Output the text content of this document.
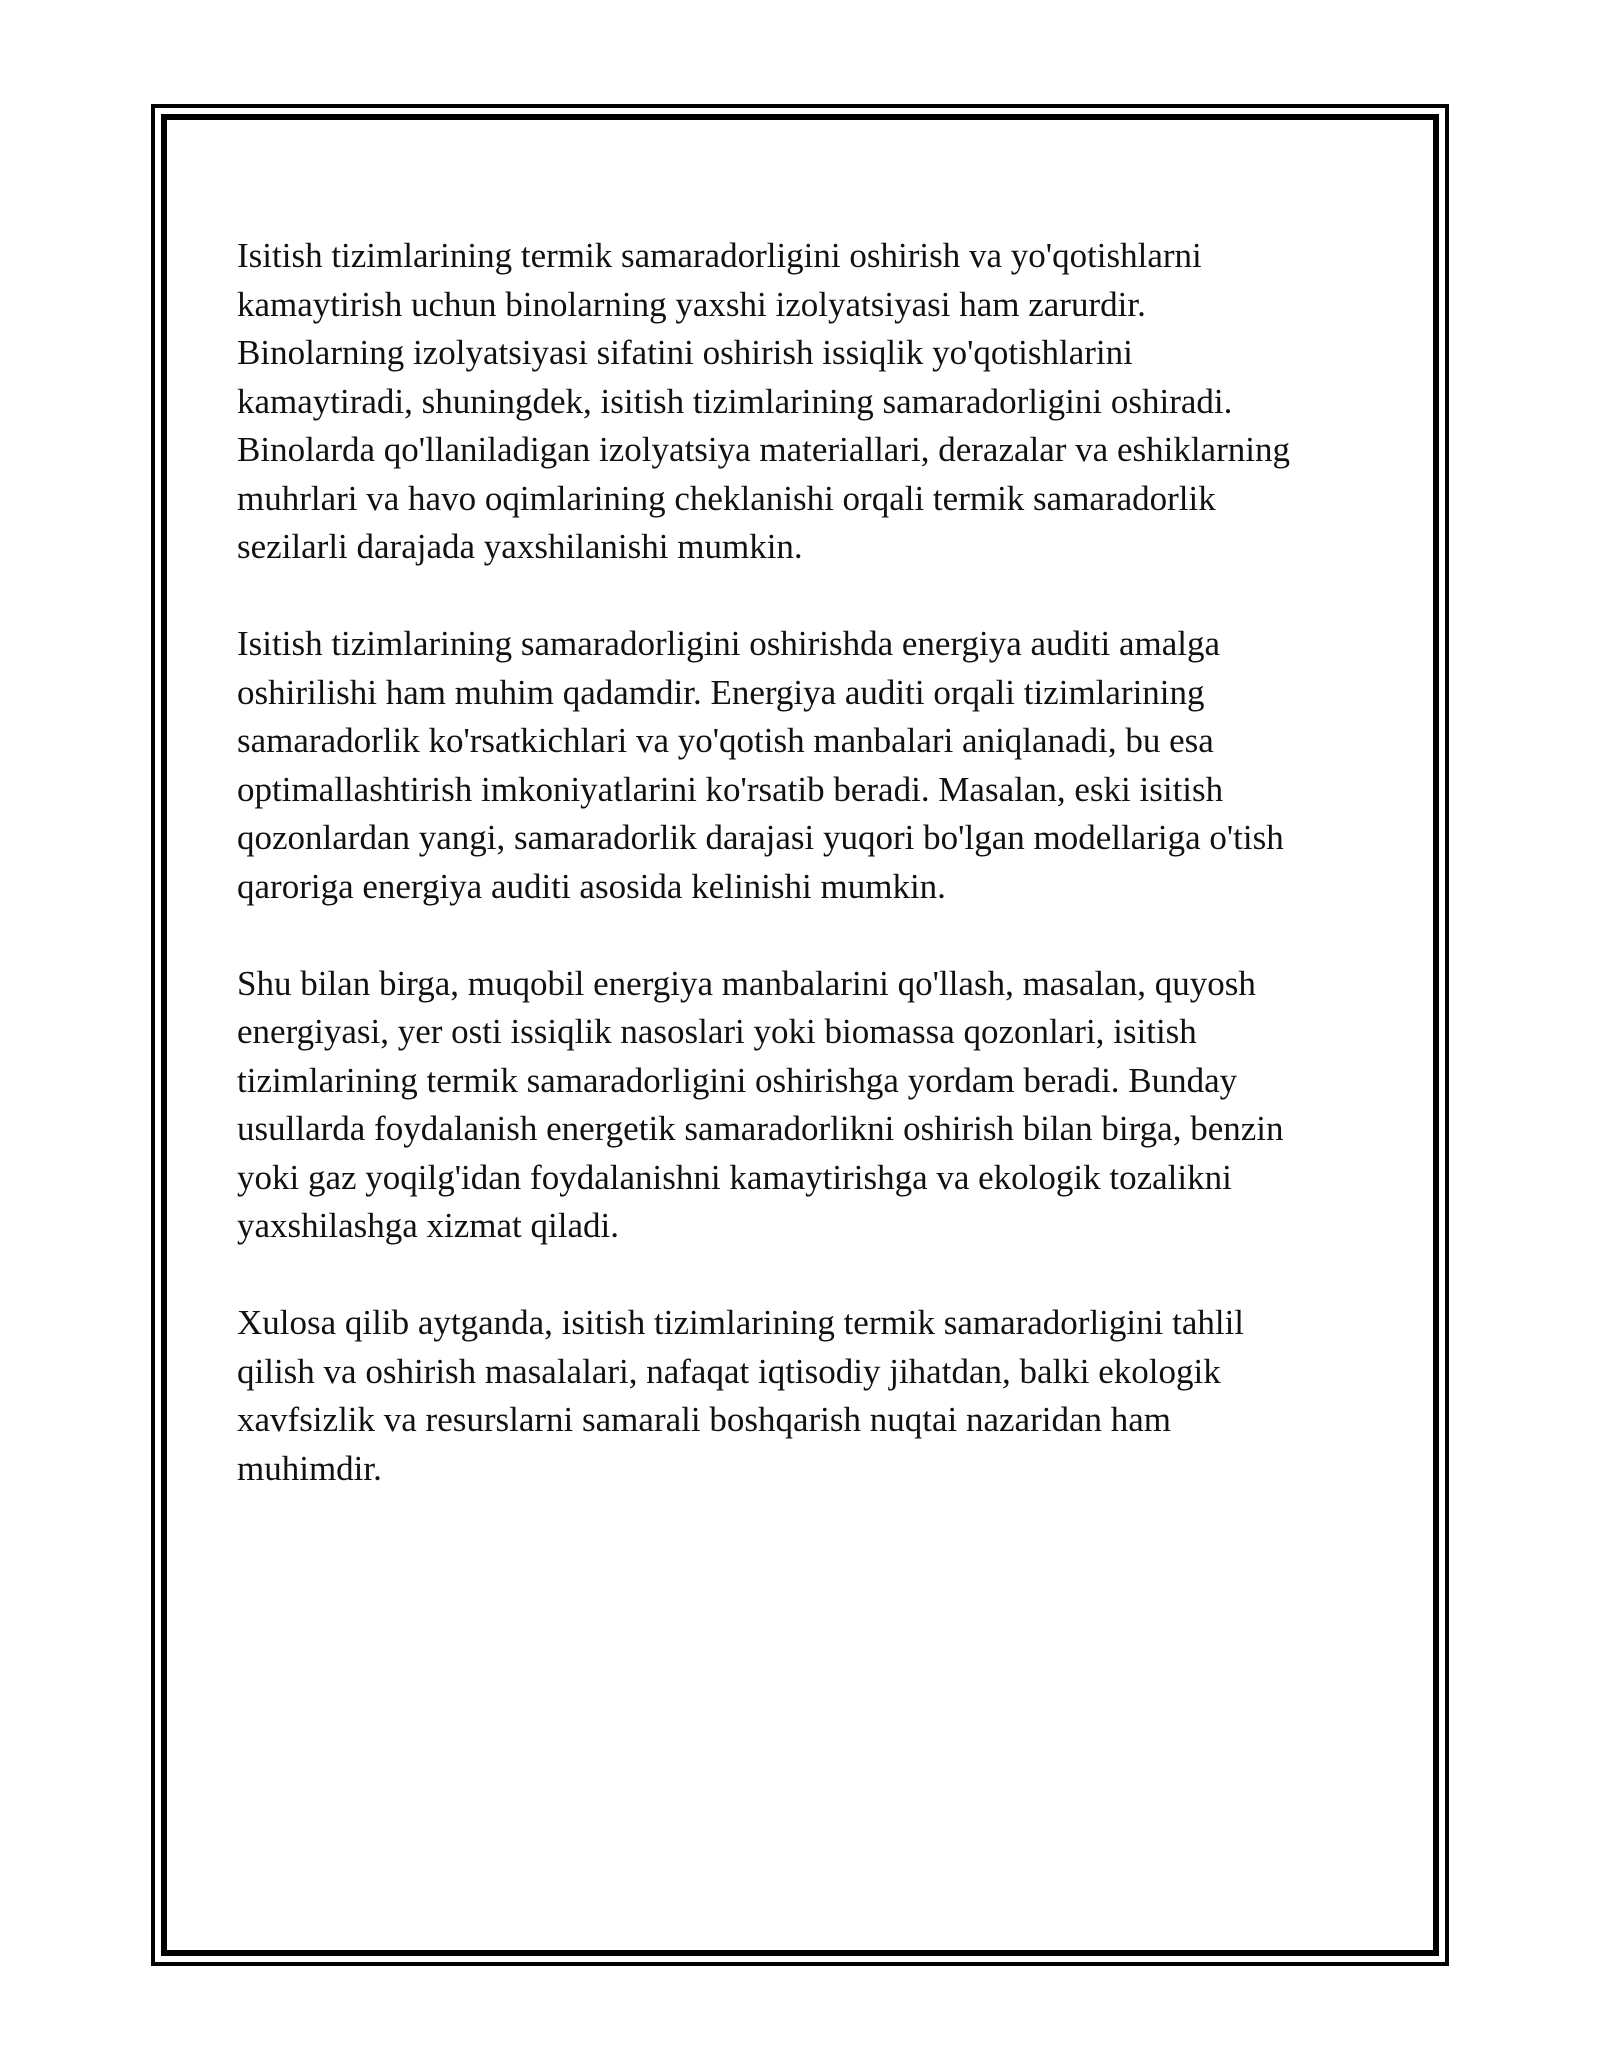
Isitish tizimlarining termik samaradorligini oshirish va yo'qotishlarni
kamaytirish uchun binolarning yaxshi izolyatsiyasi ham zarurdir.
Binolarning izolyatsiyasi sifatini oshirish issiqlik yo'qotishlarini
kamaytiradi, shuningdek, isitish tizimlarining samaradorligini oshiradi.
Binolarda qo'llaniladigan izolyatsiya materiallari, derazalar va eshiklarning
muhrlari va havo oqimlarining cheklanishi orqali termik samaradorlik
sezilarli darajada yaxshilanishi mumkin.

Isitish tizimlarining samaradorligini oshirishda energiya auditi amalga
oshirilishi ham muhim qadamdir. Energiya auditi orqali tizimlarining
samaradorlik ko'rsatkichlari va yo'qotish manbalari aniqlanadi, bu esa
optimallashtirish imkoniyatlarini ko'rsatib beradi. Masalan, eski isitish
qozonlardan yangi, samaradorlik darajasi yuqori bo'lgan modellariga o'tish
qaroriga energiya auditi asosida kelinishi mumkin.

Shu bilan birga, muqobil energiya manbalarini qo'llash, masalan, quyosh
energiyasi, yer osti issiqlik nasoslari yoki biomassa qozonlari, isitish
tizimlarining termik samaradorligini oshirishga yordam beradi. Bunday
usullarda foydalanish energetik samaradorlikni oshirish bilan birga, benzin
yoki gaz yoqilg'idan foydalanishni kamaytirishga va ekologik tozalikni
yaxshilashga xizmat qiladi.

Xulosa qilib aytganda, isitish tizimlarining termik samaradorligini tahlil
qilish va oshirish masalalari, nafaqat iqtisodiy jihatdan, balki ekologik
xavfsizlik va resurslarni samarali boshqarish nuqtai nazaridan ham
muhimdir.
